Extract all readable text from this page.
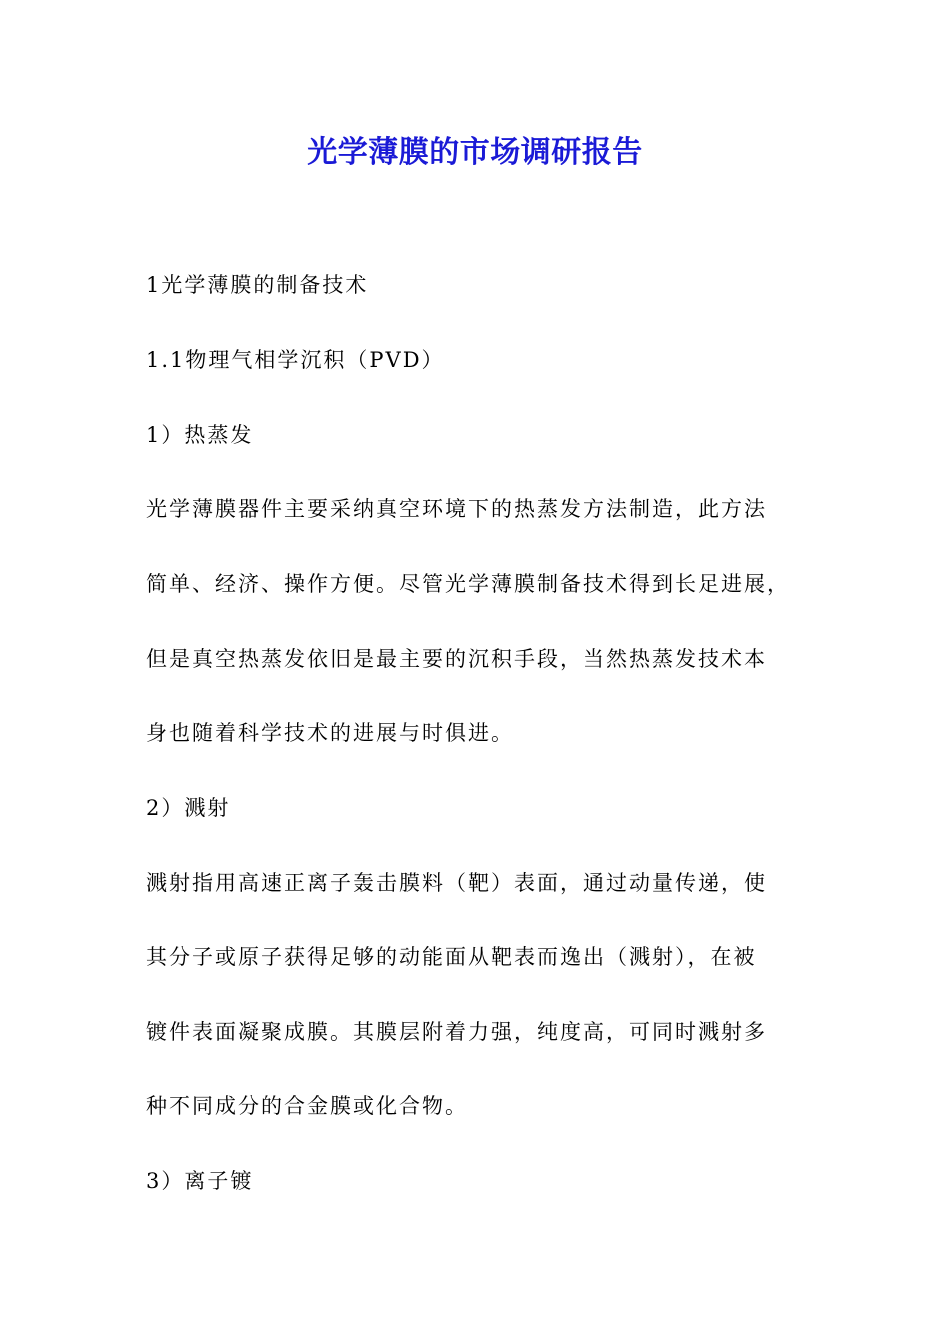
光学薄膜的市场调研报告
1光学薄膜的制备技术
1.1物理气相学沉积（PVD）
1）热蒸发
光学薄膜器件主要采纳真空环境下的热蒸发方法制造，此方法
简单、经济、操作方便。尽管光学薄膜制备技术得到长足进展，
但是真空热蒸发依旧是最主要的沉积手段，当然热蒸发技术本
身也随着科学技术的进展与时俱进。
2）溅射
溅射指用高速正离子轰击膜料（靶）表面，通过动量传递，使
其分子或原子获得足够的动能面从靶表而逸出（溅射），在被
镀件表面凝聚成膜。其膜层附着力强，纯度高，可同时溅射多
种不同成分的合金膜或化合物。
3）离子镀
